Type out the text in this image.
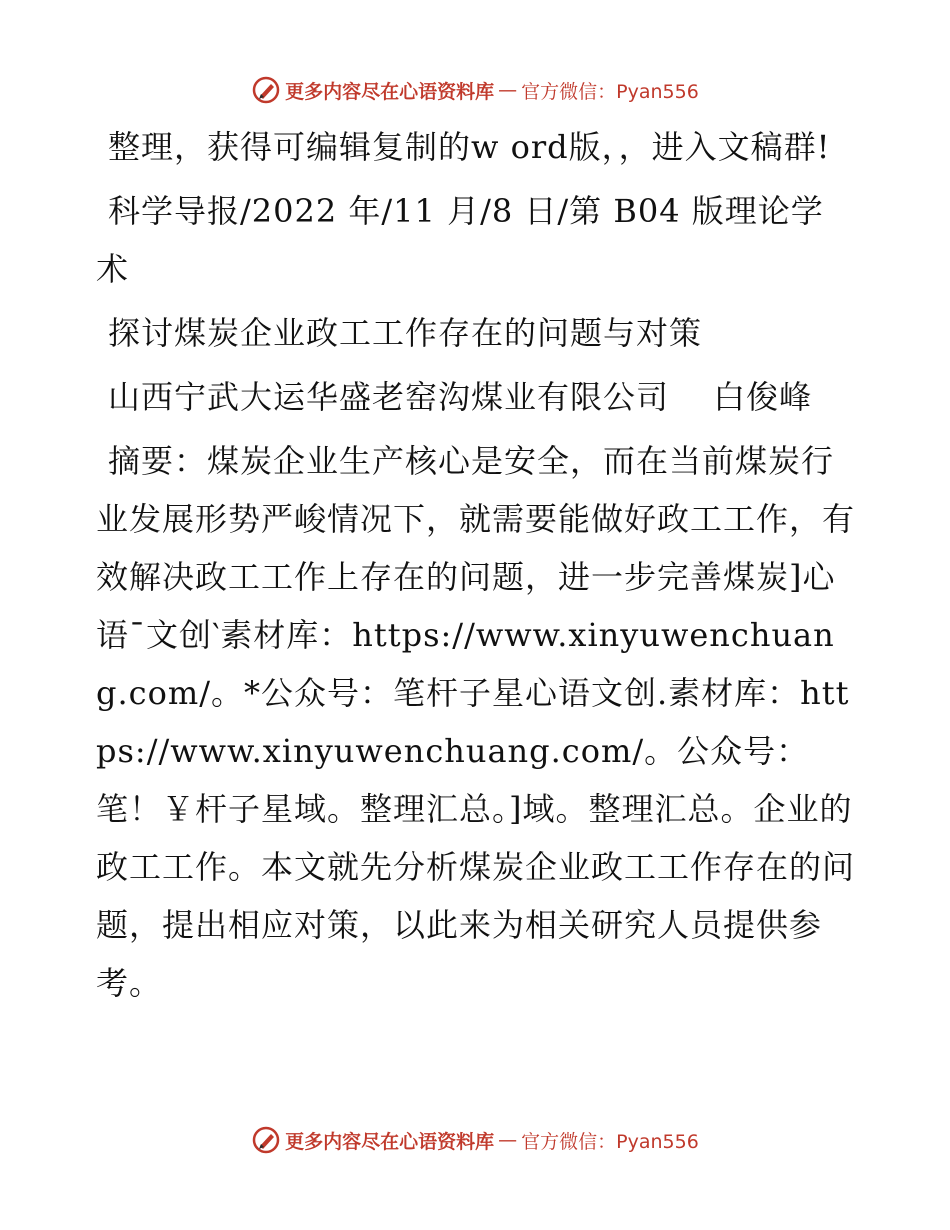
更多内容尽在心语资料库 — 官方微信：Pyan556

整理，获得可编辑复制的w ord版，，进入文稿群!

科学导报/2022 年/11 月/8 日/第 B04 版理论学术

探讨煤炭企业政工工作存在的问题与对策

山西宁武大运华盛老窑沟煤业有限公司　 白俊峰

摘要：煤炭企业生产核心是安全，而在当前煤炭行业发展形势严峻情况下，就需要能做好政工工作，有效解决政工工作上存在的问题，进一步完善煤炭]心语¯文创‵素材库：https://www.xinyuwenchuang.com/。*公众号：笔杆子星心语文创.素材库：https://www.xinyuwenchuang.com/。公众号：笔！￥杆子星域。整理汇总。]域。整理汇总。企业的政工工作。本文就先分析煤炭企业政工工作存在的问题，提出相应对策，以此来为相关研究人员提供参考。

更多内容尽在心语资料库 — 官方微信：Pyan556
